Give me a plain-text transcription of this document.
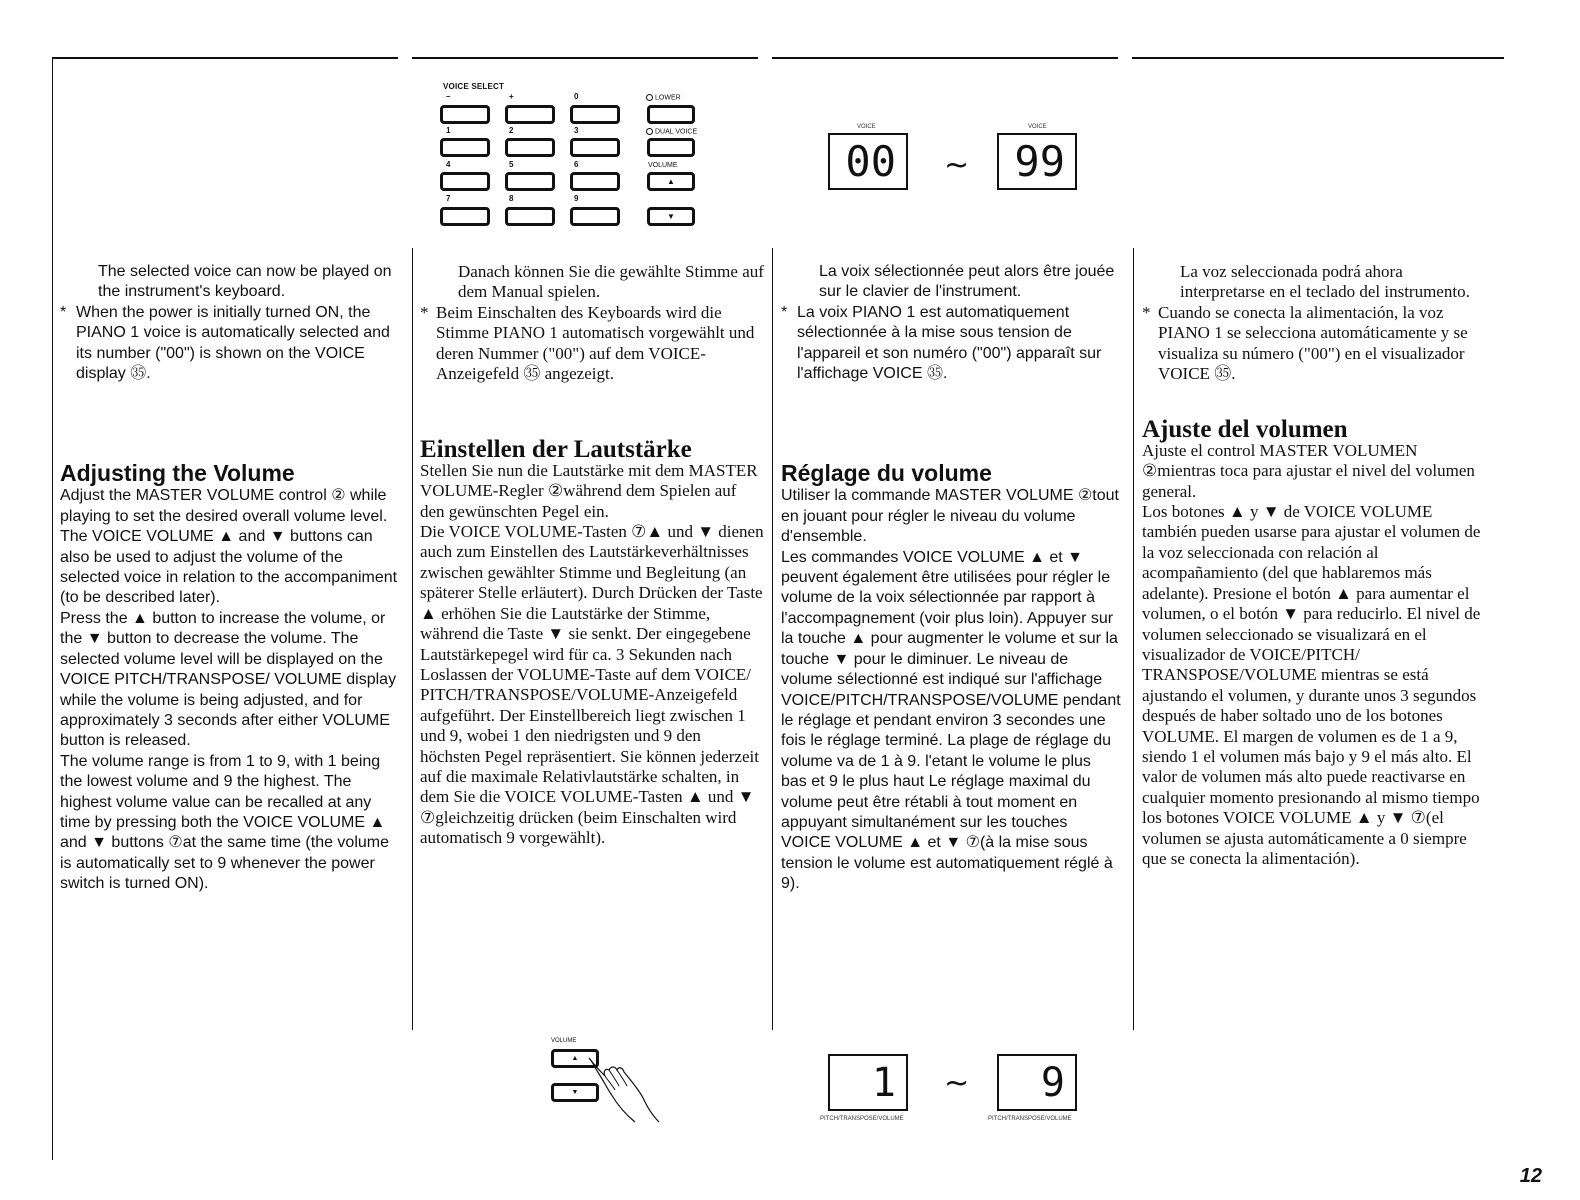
VOICE SELECT
–	+	0	LOWER
1	2	3	DUAL VOICE
4	5	6	VOLUME
▲
7	8	9
▼
VOICE
00 ~
VOICE
99

The selected voice can now be played on the instrument's keyboard.

* When the power is initially turned ON, the PIANO 1 voice is automatically selected and its number ("00") is shown on the VOICE display ㉟.

Adjusting the Volume

Adjust the MASTER VOLUME control ② while playing to set the desired overall volume level.

The VOICE VOLUME ▲ and ▼ buttons can also be used to adjust the volume of the selected voice in relation to the accompaniment (to be described later).

Press the ▲ button to increase the volume, or the ▼ button to decrease the volume. The selected volume level will be displayed on the VOICE PITCH/TRANSPOSE/ VOLUME display while the volume is being adjusted, and for approximately 3 seconds after either VOLUME button is released.

The volume range is from 1 to 9, with 1 being the lowest volume and 9 the highest. The highest volume value can be recalled at any time by pressing both the VOICE VOLUME ▲ and ▼ buttons ⑦at the same time (the volume is automatically set to 9 whenever the power switch is turned ON).

Danach können Sie die gewählte Stimme auf dem Manual spielen.

* Beim Einschalten des Keyboards wird die Stimme PIANO 1 automatisch vorgewählt und deren Nummer ("00") auf dem VOICE-Anzeigefeld ㉟ angezeigt.

Einstellen der Lautstärke

Stellen Sie nun die Lautstärke mit dem MASTER VOLUME-Regler ②während dem Spielen auf den gewünschten Pegel ein.

Die VOICE VOLUME-Tasten ⑦▲ und ▼ dienen auch zum Einstellen des Lautstärkeverhältnisses zwischen gewählter Stimme und Begleitung (an späterer Stelle erläutert). Durch Drücken der Taste ▲ erhöhen Sie die Lautstärke der Stimme, während die Taste ▼ sie senkt. Der eingegebene Lautstärkepegel wird für ca. 3 Sekunden nach Loslassen der VOLUME-Taste auf dem VOICE/ PITCH/TRANSPOSE/VOLUME-Anzeigefeld aufgeführt. Der Einstellbereich liegt zwischen 1 und 9, wobei 1 den niedrigsten und 9 den höchsten Pegel repräsentiert. Sie können jederzeit auf die maximale Relativlautstärke schalten, in dem Sie die VOICE VOLUME-Tasten ▲ und ▼ ⑦gleichzeitig drücken (beim Einschalten wird automatisch 9 vorgewählt).

La voix sélectionnée peut alors être jouée sur le clavier de l'instrument.

* La voix PIANO 1 est automatiquement sélectionnée à la mise sous tension de l'appareil et son numéro ("00") apparaît sur l'affichage VOICE ㉟.

Réglage du volume

Utiliser la commande MASTER VOLUME ②tout en jouant pour régler le niveau du volume d'ensemble.

Les commandes VOICE VOLUME ▲ et ▼ peuvent également être utilisées pour régler le volume de la voix sélectionnée par rapport à l'accompagnement (voir plus loin). Appuyer sur la touche ▲ pour augmenter le volume et sur la touche ▼ pour le diminuer. Le niveau de volume sélectionné est indiqué sur l'affichage VOICE/PITCH/TRANSPOSE/VOLUME pendant le réglage et pendant environ 3 secondes une fois le réglage terminé. La plage de réglage du volume va de 1 à 9. l'etant le volume le plus bas et 9 le plus haut Le réglage maximal du volume peut être rétabli à tout moment en appuyant simultanément sur les touches VOICE VOLUME ▲ et ▼ ⑦(à la mise sous tension le volume est automatiquement réglé à 9).

La voz seleccionada podrá ahora interpretarse en el teclado del instrumento.

* Cuando se conecta la alimentación, la voz PIANO 1 se selecciona automáticamente y se visualiza su número ("00") en el visualizador VOICE ㉟.

Ajuste del volumen

Ajuste el control MASTER VOLUMEN ②mientras toca para ajustar el nivel del volumen general.

Los botones ▲ y ▼ de VOICE VOLUME también pueden usarse para ajustar el volumen de la voz seleccionada con relación al acompañamiento (del que hablaremos más adelante). Presione el botón ▲ para aumentar el volumen, o el botón ▼ para reducirlo. El nivel de volumen seleccionado se visualizará en el visualizador de VOICE/PITCH/ TRANSPOSE/VOLUME mientras se está ajustando el volumen, y durante unos 3 segundos después de haber soltado uno de los botones VOLUME. El margen de volumen es de 1 a 9, siendo 1 el volumen más bajo y 9 el más alto. El valor de volumen más alto puede reactivarse en cualquier momento presionando al mismo tiempo los botones VOICE VOLUME ▲ y ▼ ⑦(el volumen se ajusta automáticamente a 0 siempre que se conecta la alimentación).

VOLUME
▲
▼	1
PITCH/TRANSPOSE/VOLUME
~ 9
PITCH/TRANSPOSE/VOLUME
12
